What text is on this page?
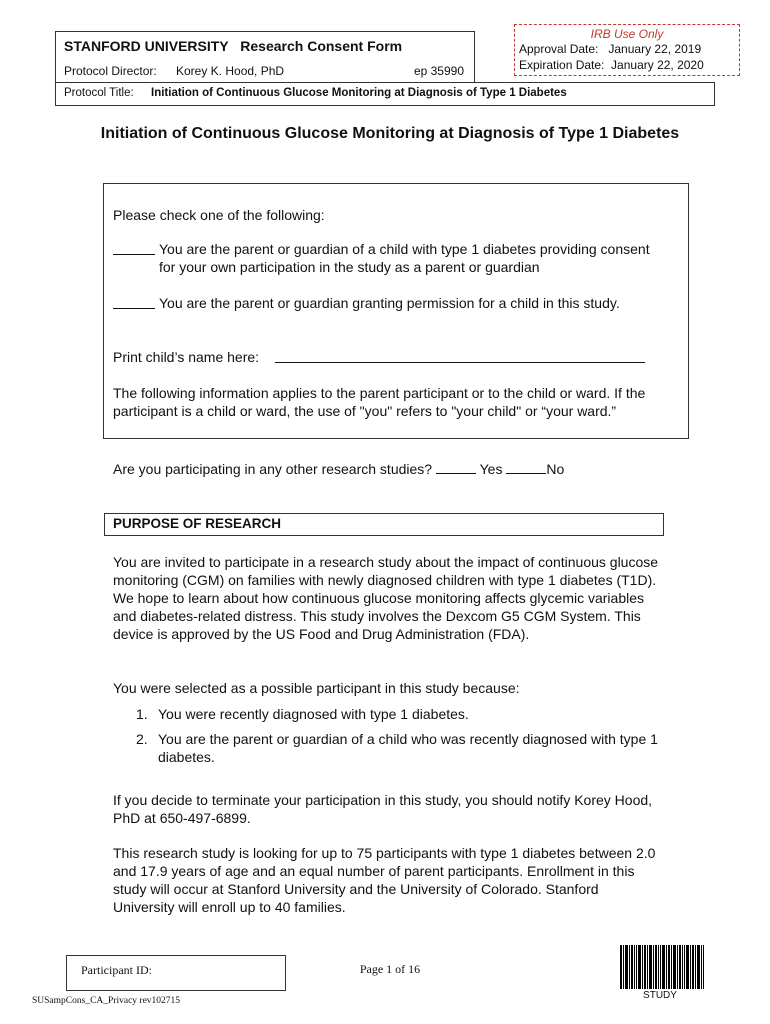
STANFORD UNIVERSITY Research Consent Form
Protocol Director: Korey K. Hood, PhD	ep 35990
IRB Use Only
Approval Date:   January 22, 2019
Expiration Date:  January 22, 2020
Protocol Title: Initiation of Continuous Glucose Monitoring at Diagnosis of Type 1 Diabetes
Initiation of Continuous Glucose Monitoring at Diagnosis of Type 1 Diabetes
Please check one of the following:
You are the parent or guardian of a child with type 1 diabetes providing consent for your own participation in the study as a parent or guardian
You are the parent or guardian granting permission for a child in this study.
Print child’s name here:
The following information applies to the parent participant or to the child or ward. If the participant is a child or ward, the use of "you" refers to "your child" or “your ward.”
Are you participating in any other research studies?	Yes	No
PURPOSE OF RESEARCH
You are invited to participate in a research study about the impact of continuous glucose monitoring (CGM) on families with newly diagnosed children with type 1 diabetes (T1D). We hope to learn about how continuous glucose monitoring affects glycemic variables and diabetes-related distress. This study involves the Dexcom G5 CGM System. This device is approved by the US Food and Drug Administration (FDA).
You were selected as a possible participant in this study because:
1. You were recently diagnosed with type 1 diabetes.
2. You are the parent or guardian of a child who was recently diagnosed with type 1 diabetes.
If you decide to terminate your participation in this study, you should notify Korey Hood, PhD at 650-497-6899.
This research study is looking for up to 75 participants with type 1 diabetes between 2.0 and 17.9 years of age and an equal number of parent participants. Enrollment in this study will occur at Stanford University and the University of Colorado. Stanford University will enroll up to 40 families.
Participant ID:	Page 1 of 16
SUSampCons_CA_Privacy rev102715	STUDY
